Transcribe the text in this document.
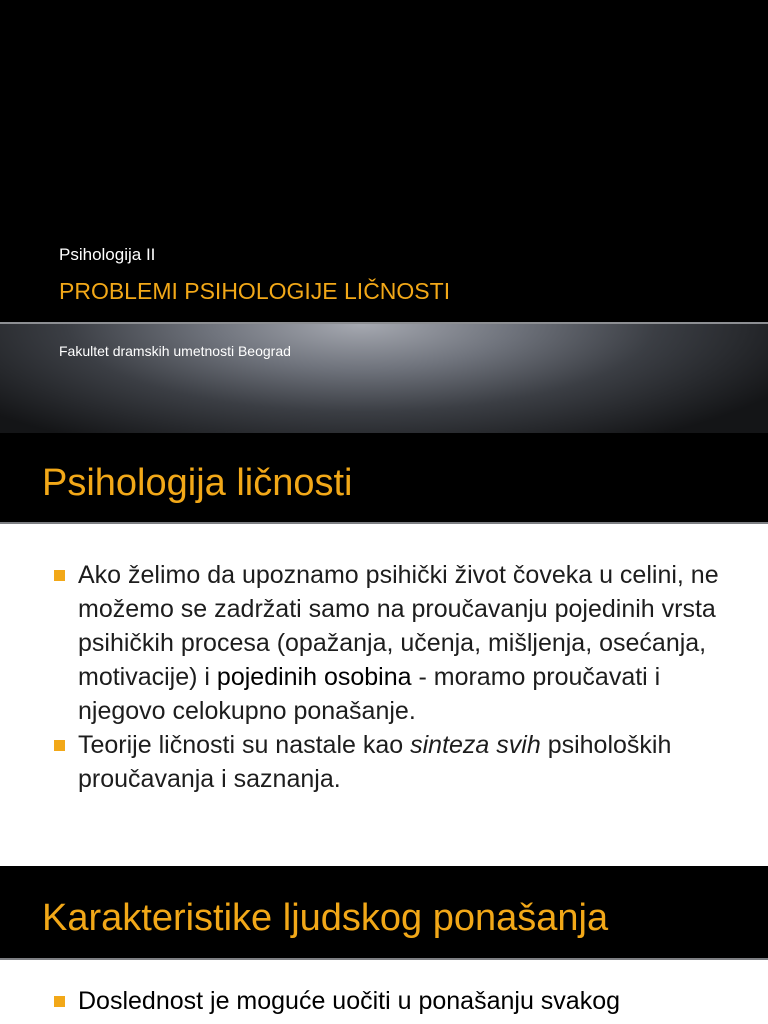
Psihologija II
PROBLEMI PSIHOLOGIJE LIČNOSTI
Fakultet dramskih umetnosti Beograd
Psihologija ličnosti
Ako želimo da upoznamo psihički život čoveka u celini, ne možemo se zadržati samo na proučavanju pojedinih vrsta psihičkih procesa (opažanja, učenja, mišljenja, osećanja, motivacije) i pojedinih osobina - moramo proučavati i njegovo celokupno ponašanje.
Teorije ličnosti su nastale kao sinteza svih psiholoških proučavanja i saznanja.
Karakteristike ljudskog ponašanja
Doslednost je moguće uočiti u ponašanju svakog
